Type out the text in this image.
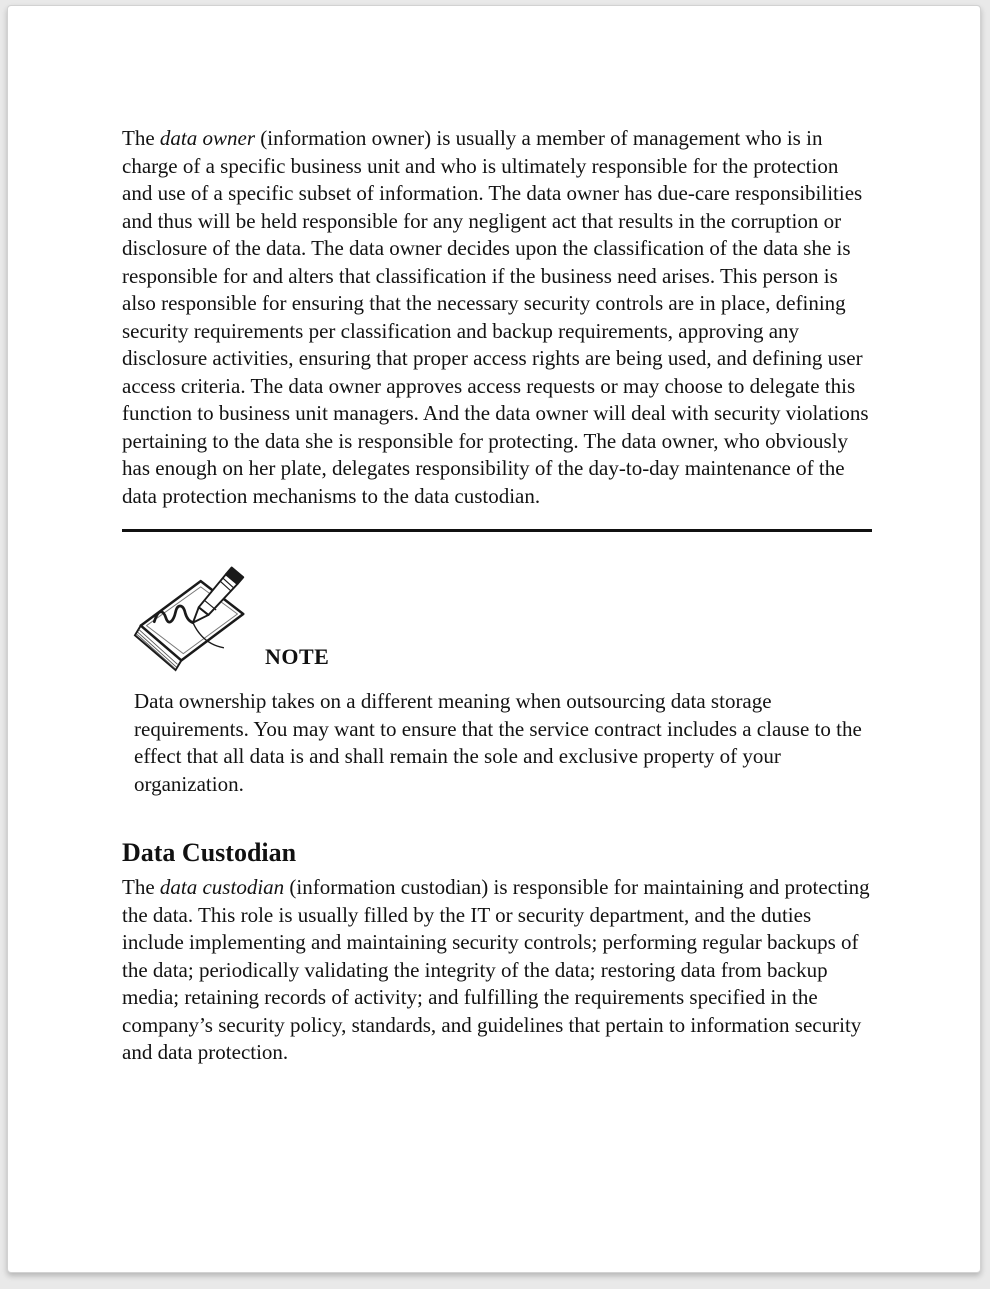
The data owner (information owner) is usually a member of management who is in charge of a specific business unit and who is ultimately responsible for the protection and use of a specific subset of information. The data owner has due-care responsibilities and thus will be held responsible for any negligent act that results in the corruption or disclosure of the data. The data owner decides upon the classification of the data she is responsible for and alters that classification if the business need arises. This person is also responsible for ensuring that the necessary security controls are in place, defining security requirements per classification and backup requirements, approving any disclosure activities, ensuring that proper access rights are being used, and defining user access criteria. The data owner approves access requests or may choose to delegate this function to business unit managers. And the data owner will deal with security violations pertaining to the data she is responsible for protecting. The data owner, who obviously has enough on her plate, delegates responsibility of the day-to-day maintenance of the data protection mechanisms to the data custodian.

NOTE

Data ownership takes on a different meaning when outsourcing data storage requirements. You may want to ensure that the service contract includes a clause to the effect that all data is and shall remain the sole and exclusive property of your organization.

Data Custodian

The data custodian (information custodian) is responsible for maintaining and protecting the data. This role is usually filled by the IT or security department, and the duties include implementing and maintaining security controls; performing regular backups of the data; periodically validating the integrity of the data; restoring data from backup media; retaining records of activity; and fulfilling the requirements specified in the company’s security policy, standards, and guidelines that pertain to information security and data protection.
